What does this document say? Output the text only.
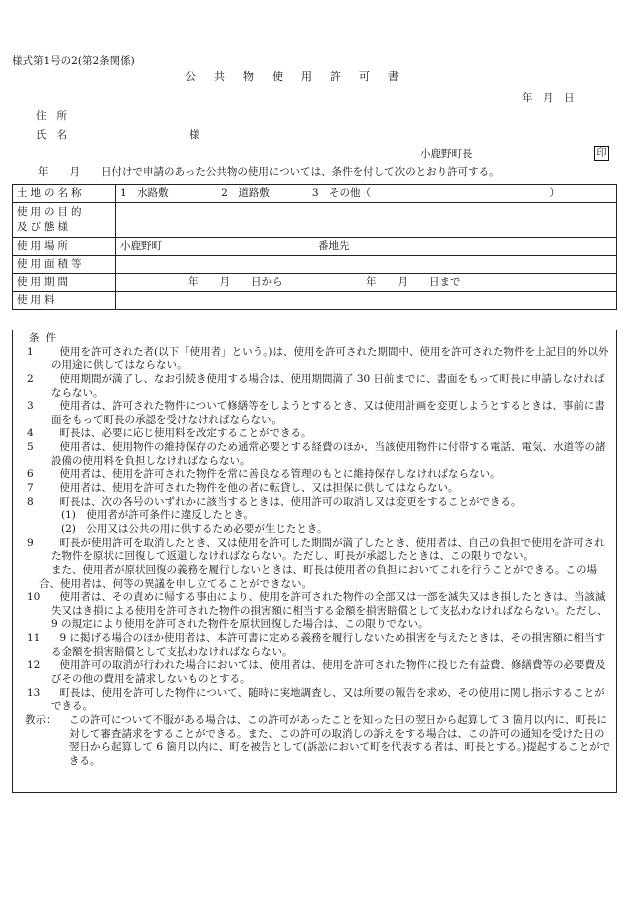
様式第1号の2(第2条関係)
公共物使用許可書
年　月　日
住所
氏名	様
小鹿野町長	印
年　　月　　日付けで申請のあった公共物の使用については、条件を付して次のとおり許可する。
土地の名称	1　水路敷　　　　　2　道路敷　　　　3　その他（　　　　　　　　　　　　　　　　　）

使用の目的
及び態様	

使用場所	小鹿野町 番地先
使用面積等	
使用期間	年　　月　　日から 年　　月　　日まで
使用料	
条件
1　 使用を許可された者(以下「使用者」という。)は、使用を許可された期間中、使用を許可された物件を上記目的外以外の用途に供してはならない。
2　 使用期間が満了し、なお引続き使用する場合は、使用期間満了 30 日前までに、書面をもって町長に申請しなければならない。
3　 使用者は、許可された物件について修繕等をしようとするとき、又は使用計画を変更しようとするときは、事前に書面をもって町長の承認を受けなければならない。
4　 町長は、必要に応じ使用料を改定することができる。
5　 使用者は、使用物件の維持保存のため通常必要とする経費のほか、当該使用物件に付帯する電話、電気、水道等の諸設備の使用料を負担しなければならない。
6　 使用者は、使用を許可された物件を常に善良なる管理のもとに維持保存しなければならない。
7　 使用者は、使用を許可された物件を他の者に転貸し、又は担保に供してはならない。
8　 町長は、次の各号のいずれかに該当するときは、使用許可の取消し又は変更をすることができる。
(1)　 使用者が許可条件に違反したとき。
(2)　 公用又は公共の用に供するため必要が生じたとき。
9　 町長が使用許可を取消したとき、又は使用を許可した期間が満了したとき、使用者は、自己の負担で使用を許可された物件を原状に回復して返還しなければならない。ただし、町長が承認したときは、この限りでない。
また、使用者が原状回復の義務を履行しないときは、町長は使用者の負担においてこれを行うことができる。この場合、使用者は、何等の異議を申し立てることができない。
10　 使用者は、その責めに帰する事由により、使用を許可された物件の全部又は一部を滅失又はき損したときは、当該滅失又はき損による使用を許可された物件の損害額に相当する金額を損害賠償として支払わなければならない。ただし、9 の規定により使用を許可された物件を原状回復した場合は、この限りでない。
11　 9 に掲げる場合のほか使用者は、本許可書に定める義務を履行しないため損害を与えたときは、その損害額に相当する金額を損害賠償として支払わなければならない。
12　 使用許可の取消が行われた場合においては、使用者は、使用を許可された物件に投じた有益費、修繕費等の必要費及びその他の費用を請求しないものとする。
13　 町長は、使用を許可した物件について、随時に実地調査し、又は所要の報告を求め、その使用に関し指示することができる。
教示： この許可について不服がある場合は、この許可があったことを知った日の翌日から起算して 3 箇月以内に、町長に対して審査請求をすることができる。また、この許可の取消しの訴えをする場合は、この許可の通知を受けた日の翌日から起算して 6 箇月以内に、町を被告として(訴訟において町を代表する者は、町長とする。)提起することができる。
